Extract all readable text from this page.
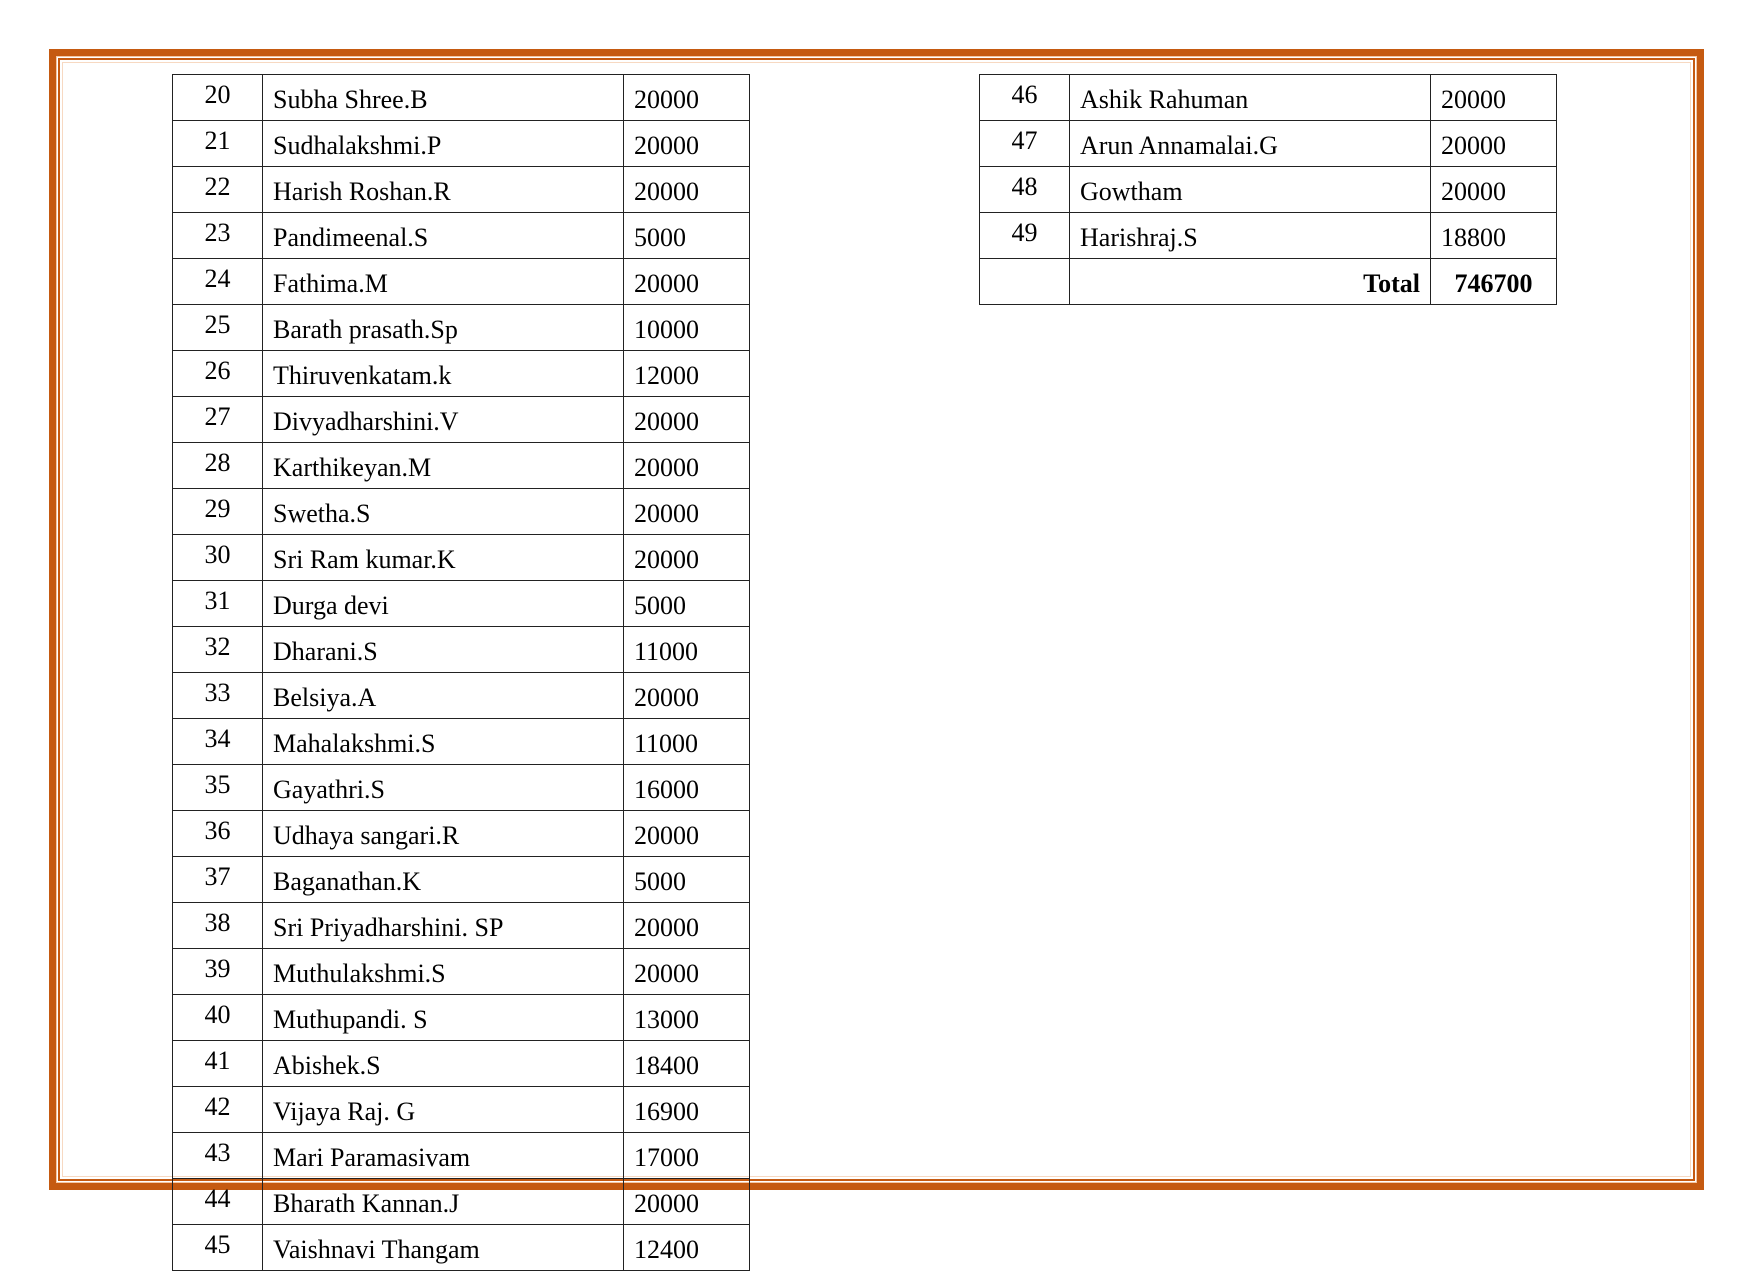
20	Subha Shree.B	20000
21	Sudhalakshmi.P	20000
22	Harish Roshan.R	20000
23	Pandimeenal.S	5000
24	Fathima.M	20000
25	Barath prasath.Sp	10000
26	Thiruvenkatam.k	12000
27	Divyadharshini.V	20000
28	Karthikeyan.M	20000
29	Swetha.S	20000
30	Sri Ram kumar.K	20000
31	Durga devi	5000
32	Dharani.S	11000
33	Belsiya.A	20000
34	Mahalakshmi.S	11000
35	Gayathri.S	16000
36	Udhaya sangari.R	20000
37	Baganathan.K	5000
38	Sri Priyadharshini. SP	20000
39	Muthulakshmi.S	20000
40	Muthupandi. S	13000
41	Abishek.S	18400
42	Vijaya Raj. G	16900
43	Mari Paramasivam	17000
44	Bharath Kannan.J	20000
45	Vaishnavi Thangam	12400
46	Ashik Rahuman	20000
47	Arun Annamalai.G	20000
48	Gowtham	20000
49	Harishraj.S	18800
	Total	746700
